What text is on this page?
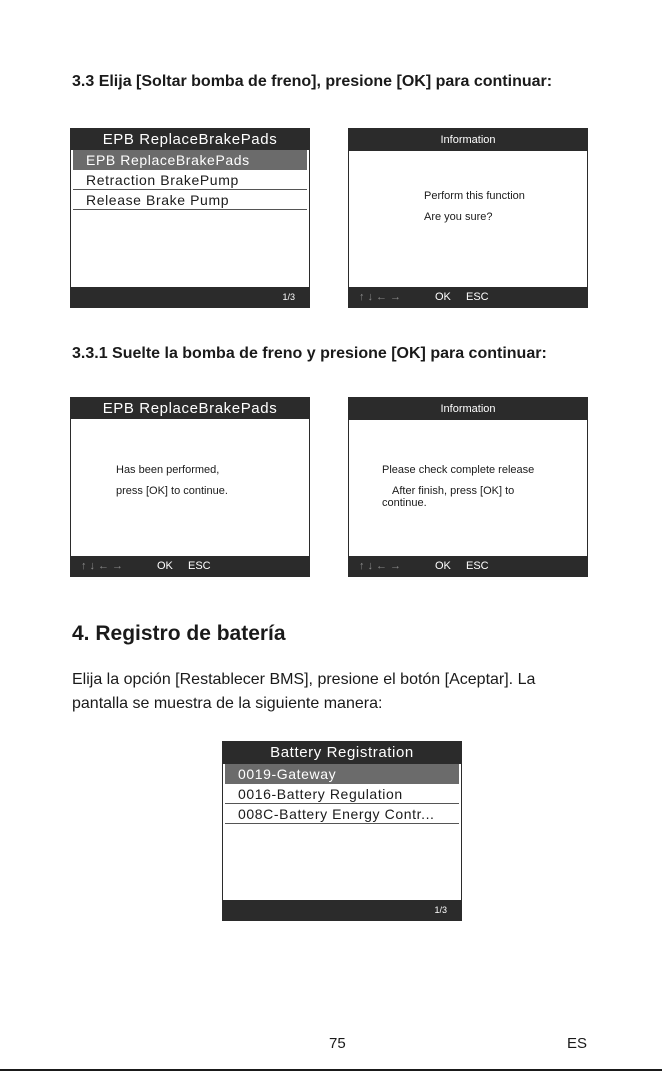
3.3 Elija [Soltar bomba de freno], presione [OK] para continuar:
EPB ReplaceBrakePads
EPB ReplaceBrakePads
Retraction BrakePump
Release Brake Pump
1/3
Information
Perform this function
Are you sure?
↑↓←→	OK ESC
3.3.1 Suelte la bomba de freno y presione [OK] para continuar:
EPB ReplaceBrakePads
Has been performed,
press [OK] to continue.
↑↓←→	OK ESC
Information
Please check complete release
After finish, press [OK] to
continue.
↑↓←→	OK ESC
4. Registro de batería
Elija la opción [Restablecer BMS], presione el botón [Aceptar]. La pantalla se muestra de la siguiente manera:
Battery Registration
0019-Gateway
0016-Battery Regulation
008C-Battery Energy Contr...
1/3
75	ES
